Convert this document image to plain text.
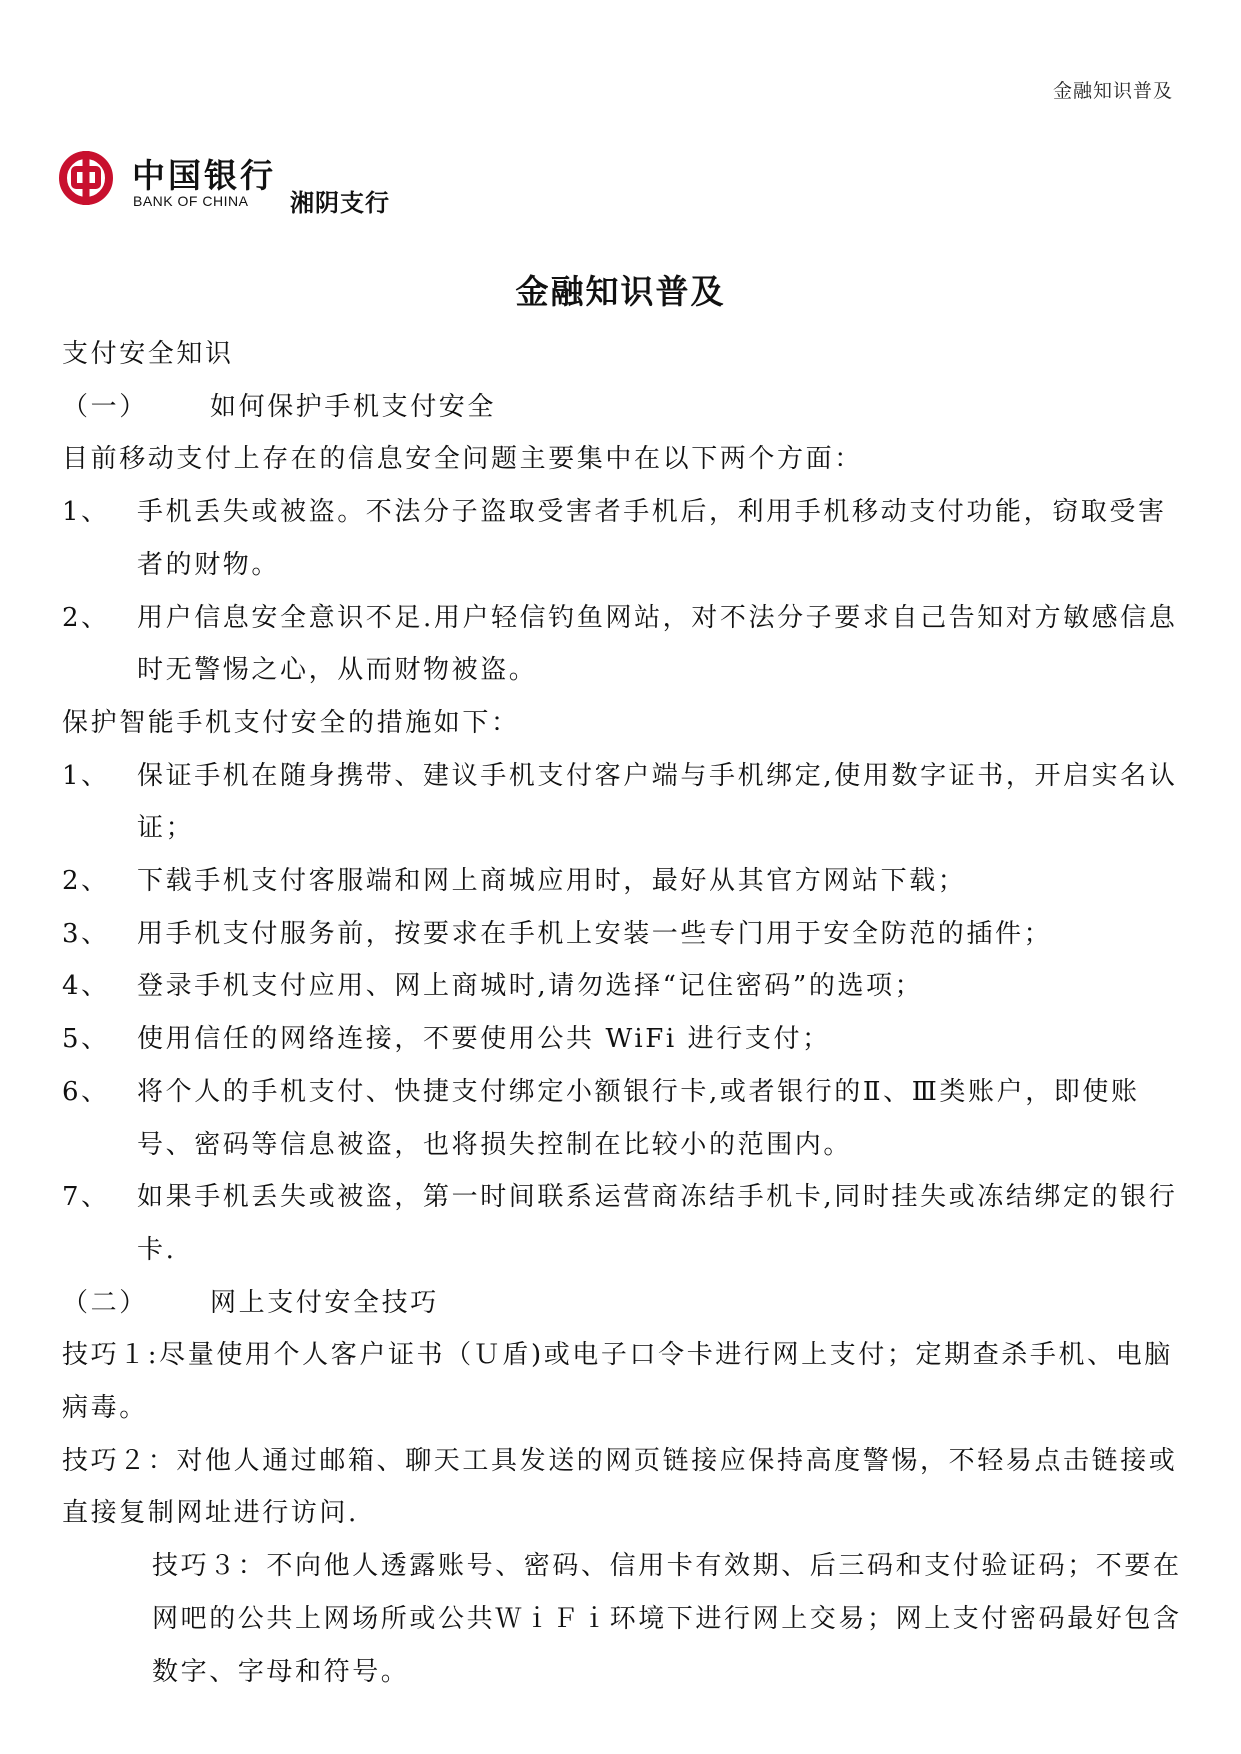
金融知识普及
中国银行
BANK OF CHINA 湘阴支行
金融知识普及

支付安全知识

（一） 如何保护手机支付安全

目前移动支付上存在的信息安全问题主要集中在以下两个方面：

1、 手机丢失或被盗。不法分子盗取受害者手机后，利用手机移动支付功能，窃取受害者的财物。

2、 用户信息安全意识不足.用户轻信钓鱼网站，对不法分子要求自己告知对方敏感信息时无警惕之心，从而财物被盗。

保护智能手机支付安全的措施如下：

1、 保证手机在随身携带、建议手机支付客户端与手机绑定,使用数字证书，开启实名认证；

2、 下载手机支付客服端和网上商城应用时，最好从其官方网站下载；

3、 用手机支付服务前，按要求在手机上安装一些专门用于安全防范的插件；

4、 登录手机支付应用、网上商城时,请勿选择“记住密码”的选项；

5、 使用信任的网络连接，不要使用公共 WiFi 进行支付；

6、 将个人的手机支付、快捷支付绑定小额银行卡,或者银行的Ⅱ、Ⅲ类账户，即使账号、密码等信息被盗，也将损失控制在比较小的范围内。

7、 如果手机丢失或被盗，第一时间联系运营商冻结手机卡,同时挂失或冻结绑定的银行卡.

（二） 网上支付安全技巧

技巧１:尽量使用个人客户证书（Ｕ盾)或电子口令卡进行网上支付；定期查杀手机、电脑病毒。

技巧２：对他人通过邮箱、聊天工具发送的网页链接应保持高度警惕，不轻易点击链接或直接复制网址进行访问.

技巧３：不向他人透露账号、密码、信用卡有效期、后三码和支付验证码；不要在网吧的公共上网场所或公共ＷｉＦｉ环境下进行网上交易；网上支付密码最好包含数字、字母和符号。
